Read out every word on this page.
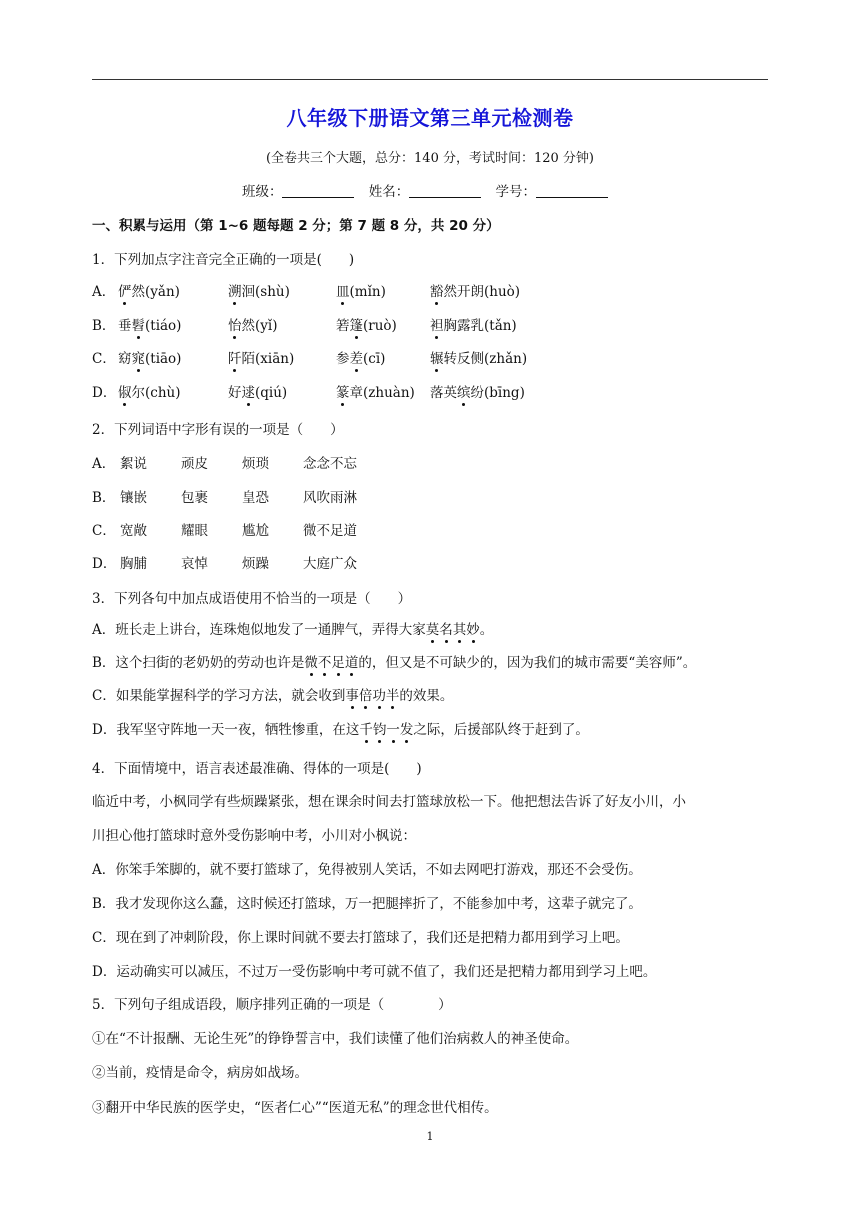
八年级下册语文第三单元检测卷
(全卷共三个大题，总分：140 分，考试时间：120 分钟)
班级：	姓名：	学号：
一、积累与运用（第 1~6 题每题 2 分；第 7 题 8 分，共 20 分）
1．下列加点字注音完全正确的一项是(　　)
A． 俨然(yǎn)	溯洄(shù)	皿(mǐn)	豁然开朗(huò)
B． 垂髫(tiáo)	怡然(yǐ)	箬篷(ruò) 袒胸露乳(tǎn)
C． 窈窕(tiāo)	阡陌(xiān)	参差(cī)	辗转反侧(zhǎn)
D． 俶尔(chù)	好逑(qiú)	篆章(zhuàn) 落英缤纷(bīng)
2．下列词语中字形有误的一项是（　　）
A． 絮说	顽皮	烦琐	念念不忘
B． 镶嵌	包裹	皇恐	风吹雨淋
C． 宽敞	耀眼	尴尬	微不足道
D． 胸脯	哀悼	烦躁	大庭广众
3．下列各句中加点成语使用不恰当的一项是（　　）
A．班长走上讲台，连珠炮似地发了一通脾气，弄得大家莫名其妙。
B．这个扫街的老奶奶的劳动也许是微不足道的，但又是不可缺少的，因为我们的城市需要“美容师”。
C．如果能掌握科学的学习方法，就会收到事倍功半的效果。
D．我军坚守阵地一天一夜，牺牲惨重，在这千钧一发之际，后援部队终于赶到了。
4．下面情境中，语言表述最准确、得体的一项是(　　)
临近中考，小枫同学有些烦躁紧张，想在课余时间去打篮球放松一下。他把想法告诉了好友小川，小
川担心他打篮球时意外受伤影响中考，小川对小枫说：
A．你笨手笨脚的，就不要打篮球了，免得被别人笑话，不如去网吧打游戏，那还不会受伤。
B．我才发现你这么蠢，这时候还打篮球，万一把腿摔折了，不能参加中考，这辈子就完了。
C．现在到了冲刺阶段，你上课时间就不要去打篮球了，我们还是把精力都用到学习上吧。
D．运动确实可以减压，不过万一受伤影响中考可就不值了，我们还是把精力都用到学习上吧。
5．下列句子组成语段，顺序排列正确的一项是（　　　　）
①在“不计报酬、无论生死”的铮铮誓言中，我们读懂了他们治病救人的神圣使命。
②当前，疫情是命令，病房如战场。
③翻开中华民族的医学史，“医者仁心”“医道无私”的理念世代相传。
1
